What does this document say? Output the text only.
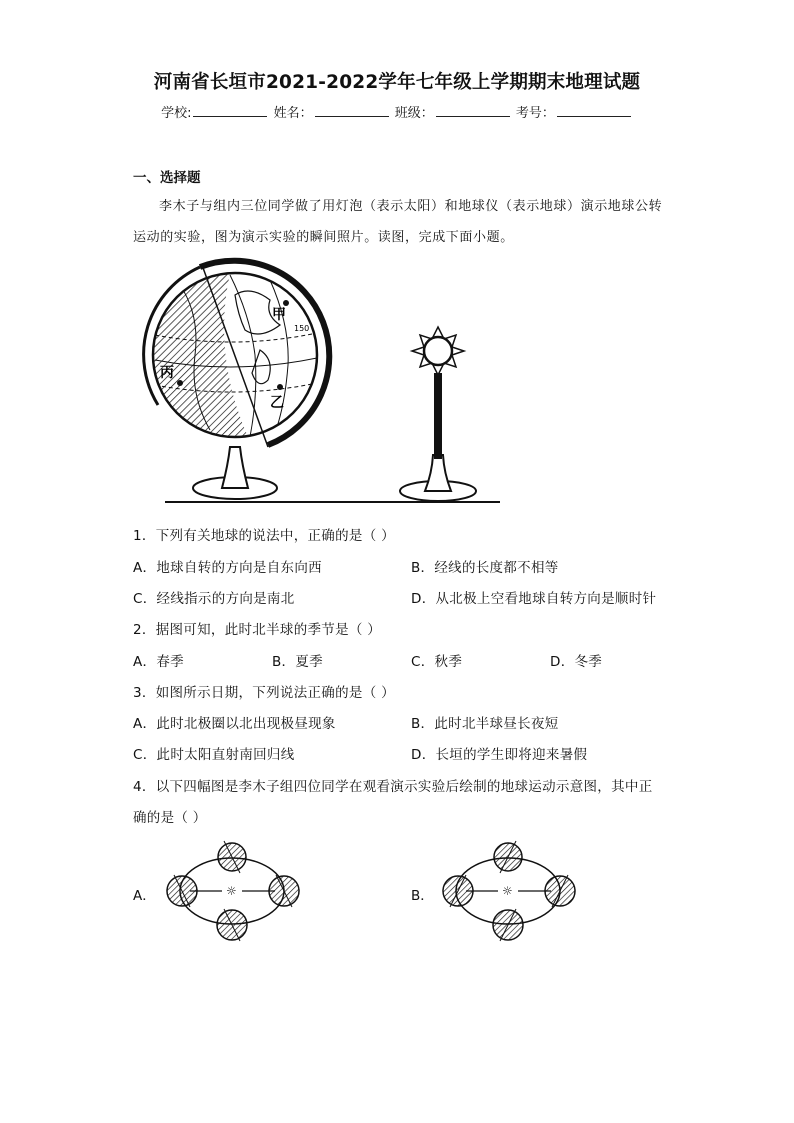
河南省长垣市2021-2022学年七年级上学期期末地理试题
学校:	姓名：	班级：	考号：
一、选择题
李木子与组内三位同学做了用灯泡（表示太阳）和地球仪（表示地球）演示地球公转运动的实验，图为演示实验的瞬间照片。读图，完成下面小题。
甲
乙
丙
150
1．下列有关地球的说法中，正确的是（ ）
A．地球自转的方向是自东向西	B．经线的长度都不相等
C．经线指示的方向是南北	D．从北极上空看地球自转方向是顺时针
2．据图可知，此时北半球的季节是（ ）
A．春季	B．夏季	C．秋季	D．冬季
3．如图所示日期，下列说法正确的是（ ）
A．此时北极圈以北出现极昼现象	B．此时北半球昼长夜短
C．此时太阳直射南回归线	D．长垣的学生即将迎来暑假
4．以下四幅图是李木子组四位同学在观看演示实验后绘制的地球运动示意图，其中正
确的是（ ）
A．	B．
☼	☼
